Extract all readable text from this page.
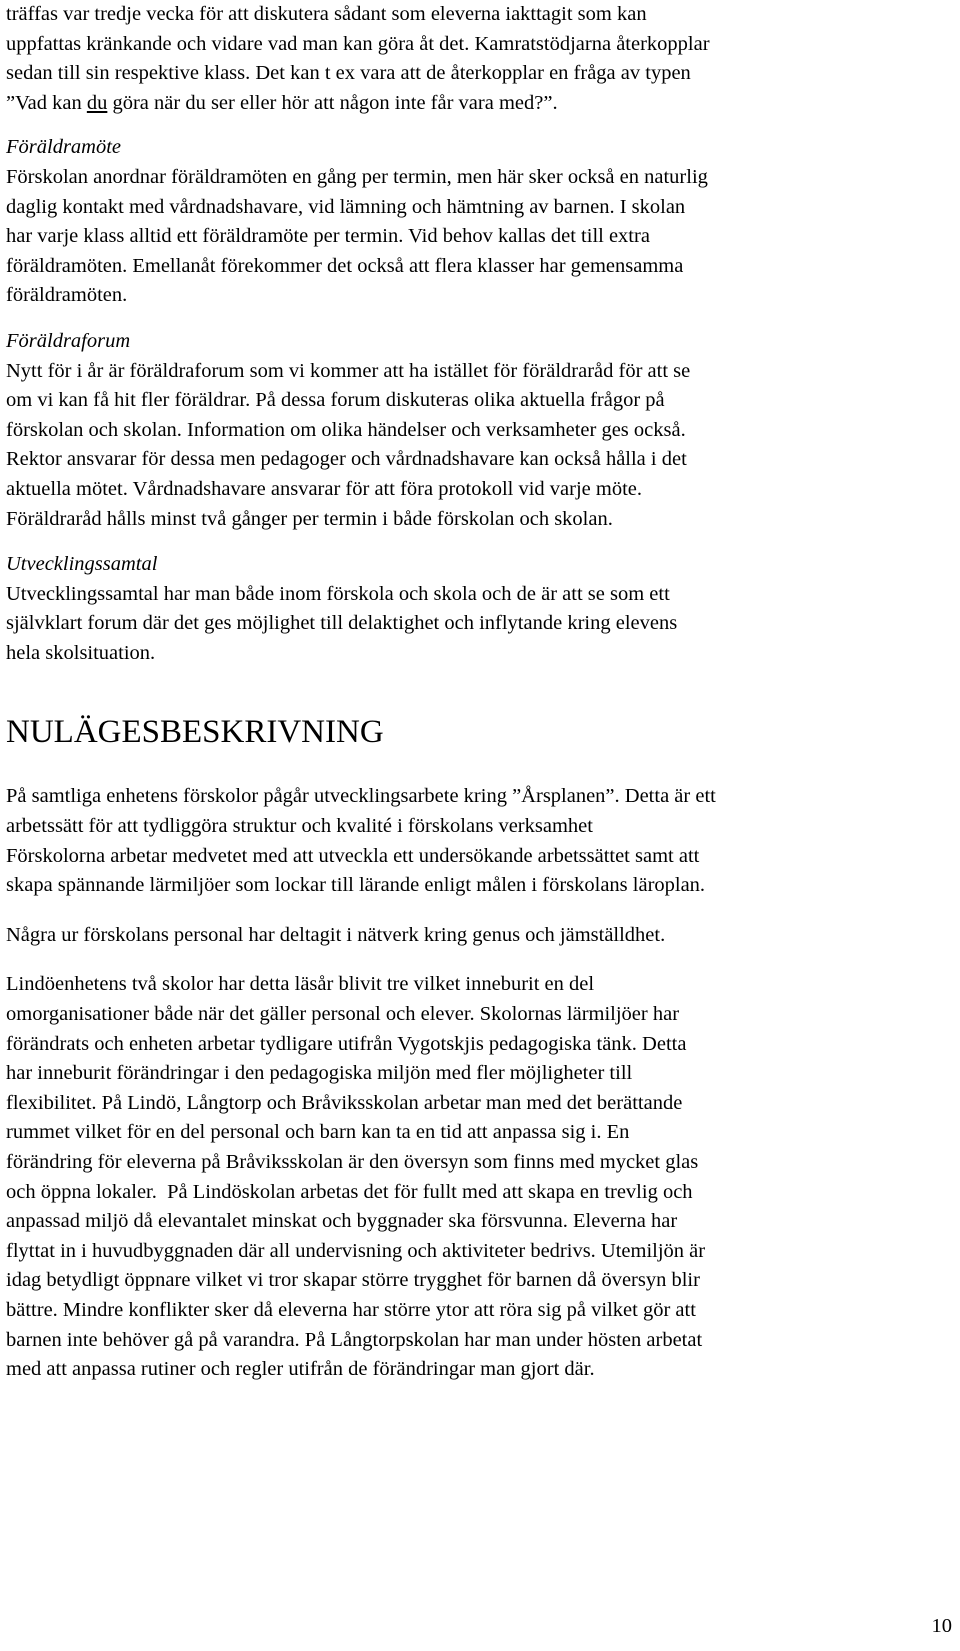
träffas var tredje vecka för att diskutera sådant som eleverna iakttagit som kan

uppfattas kränkande och vidare vad man kan göra åt det. Kamratstödjarna återkopplar

sedan till sin respektive klass. Det kan t ex vara att de återkopplar en fråga av typen

”Vad kan du göra när du ser eller hör att någon inte får vara med?”.

Föräldramöte

Förskolan anordnar föräldramöten en gång per termin, men här sker också en naturlig

daglig kontakt med vårdnadshavare, vid lämning och hämtning av barnen. I skolan

har varje klass alltid ett föräldramöte per termin. Vid behov kallas det till extra

föräldramöten. Emellanåt förekommer det också att flera klasser har gemensamma

föräldramöten.

Föräldraforum

Nytt för i år är föräldraforum som vi kommer att ha istället för föräldraråd för att se

om vi kan få hit fler föräldrar. På dessa forum diskuteras olika aktuella frågor på

förskolan och skolan. Information om olika händelser och verksamheter ges också.

Rektor ansvarar för dessa men pedagoger och vårdnadshavare kan också hålla i det

aktuella mötet. Vårdnadshavare ansvarar för att föra protokoll vid varje möte.

Föräldraråd hålls minst två gånger per termin i både förskolan och skolan.

Utvecklingssamtal

Utvecklingssamtal har man både inom förskola och skola och de är att se som ett

självklart forum där det ges möjlighet till delaktighet och inflytande kring elevens

hela skolsituation.

NULÄGESBESKRIVNING

På samtliga enhetens förskolor pågår utvecklingsarbete kring ”Årsplanen”. Detta är ett

arbetssätt för att tydliggöra struktur och kvalité i förskolans verksamhet

Förskolorna arbetar medvetet med att utveckla ett undersökande arbetssättet samt att

skapa spännande lärmiljöer som lockar till lärande enligt målen i förskolans läroplan.

Några ur förskolans personal har deltagit i nätverk kring genus och jämställdhet.

Lindöenhetens två skolor har detta läsår blivit tre vilket inneburit en del

omorganisationer både när det gäller personal och elever. Skolornas lärmiljöer har

förändrats och enheten arbetar tydligare utifrån Vygotskjis pedagogiska tänk. Detta

har inneburit förändringar i den pedagogiska miljön med fler möjligheter till

flexibilitet. På Lindö, Långtorp och Bråviksskolan arbetar man med det berättande

rummet vilket för en del personal och barn kan ta en tid att anpassa sig i. En

förändring för eleverna på Bråviksskolan är den översyn som finns med mycket glas

och öppna lokaler.  På Lindöskolan arbetas det för fullt med att skapa en trevlig och

anpassad miljö då elevantalet minskat och byggnader ska försvunna. Eleverna har

flyttat in i huvudbyggnaden där all undervisning och aktiviteter bedrivs. Utemiljön är

idag betydligt öppnare vilket vi tror skapar större trygghet för barnen då översyn blir

bättre. Mindre konflikter sker då eleverna har större ytor att röra sig på vilket gör att

barnen inte behöver gå på varandra. På Långtorpskolan har man under hösten arbetat

med att anpassa rutiner och regler utifrån de förändringar man gjort där.

10
